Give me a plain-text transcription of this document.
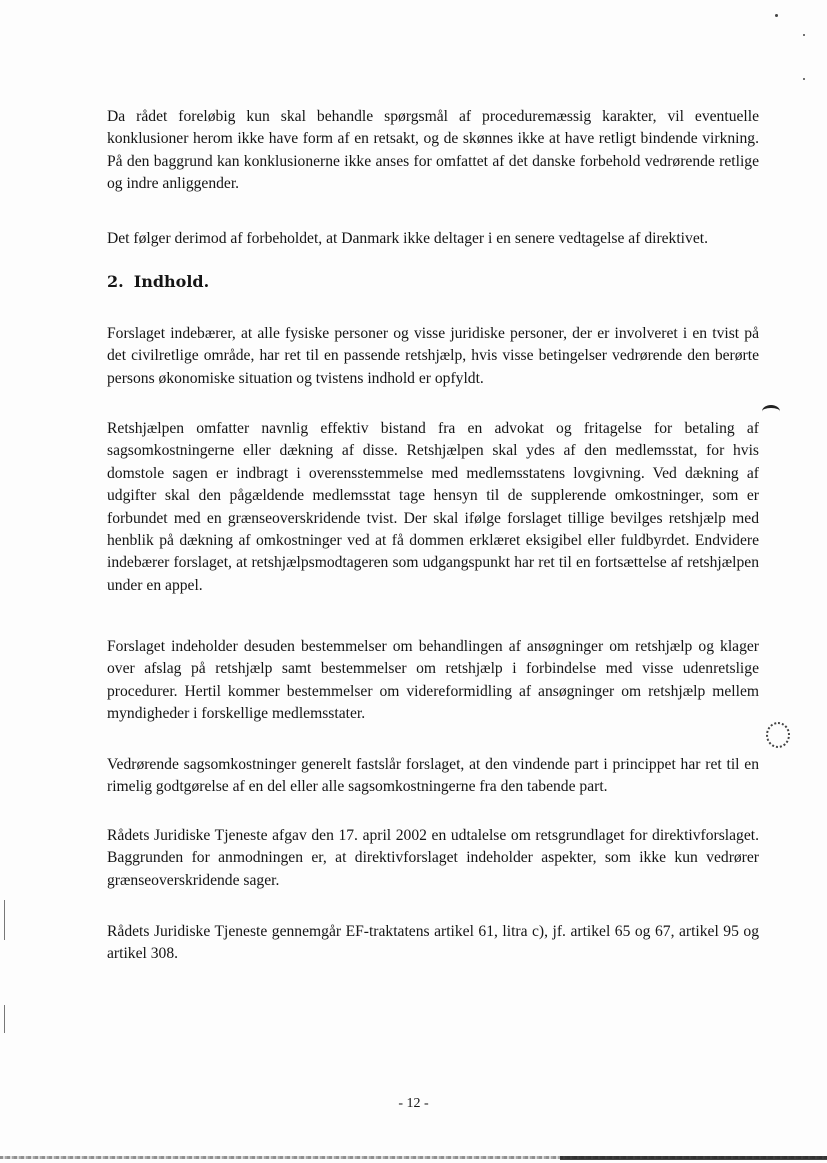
Da rådet foreløbig kun skal behandle spørgsmål af proceduremæssig karakter, vil eventuelle konklusioner herom ikke have form af en retsakt, og de skønnes ikke at have retligt bindende virkning. På den baggrund kan konklusionerne ikke anses for omfattet af det danske forbehold vedrørende retlige og indre anliggender.

Det følger derimod af forbeholdet, at Danmark ikke deltager i en senere vedtagelse af direktivet.

2. Indhold.

Forslaget indebærer, at alle fysiske personer og visse juridiske personer, der er involveret i en tvist på det civilretlige område, har ret til en passende retshjælp, hvis visse betingelser vedrørende den berørte persons økonomiske situation og tvistens indhold er opfyldt.

Retshjælpen omfatter navnlig effektiv bistand fra en advokat og fritagelse for betaling af sagsomkostningerne eller dækning af disse. Retshjælpen skal ydes af den medlemsstat, for hvis domstole sagen er indbragt i overensstemmelse med medlemsstatens lovgivning. Ved dækning af udgifter skal den pågældende medlemsstat tage hensyn til de supplerende omkostninger, som er forbundet med en grænseoverskridende tvist. Der skal ifølge forslaget tillige bevilges retshjælp med henblik på dækning af omkostninger ved at få dommen erklæret eksigibel eller fuldbyrdet. Endvidere indebærer forslaget, at retshjælpsmodtageren som udgangspunkt har ret til en fortsættelse af retshjælpen under en appel.

Forslaget indeholder desuden bestemmelser om behandlingen af ansøgninger om retshjælp og klager over afslag på retshjælp samt bestemmelser om retshjælp i forbindelse med visse udenretslige procedurer. Hertil kommer bestemmelser om videreformidling af ansøgninger om retshjælp mellem myndigheder i forskellige medlemsstater.

Vedrørende sagsomkostninger generelt fastslår forslaget, at den vindende part i princippet har ret til en rimelig godtgørelse af en del eller alle sagsomkostningerne fra den tabende part.

Rådets Juridiske Tjeneste afgav den 17. april 2002 en udtalelse om retsgrundlaget for direktivforslaget. Baggrunden for anmodningen er, at direktivforslaget indeholder aspekter, som ikke kun vedrører grænseoverskridende sager.

Rådets Juridiske Tjeneste gennemgår EF-traktatens artikel 61, litra c), jf. artikel 65 og 67, artikel 95 og artikel 308.

- 12 -
